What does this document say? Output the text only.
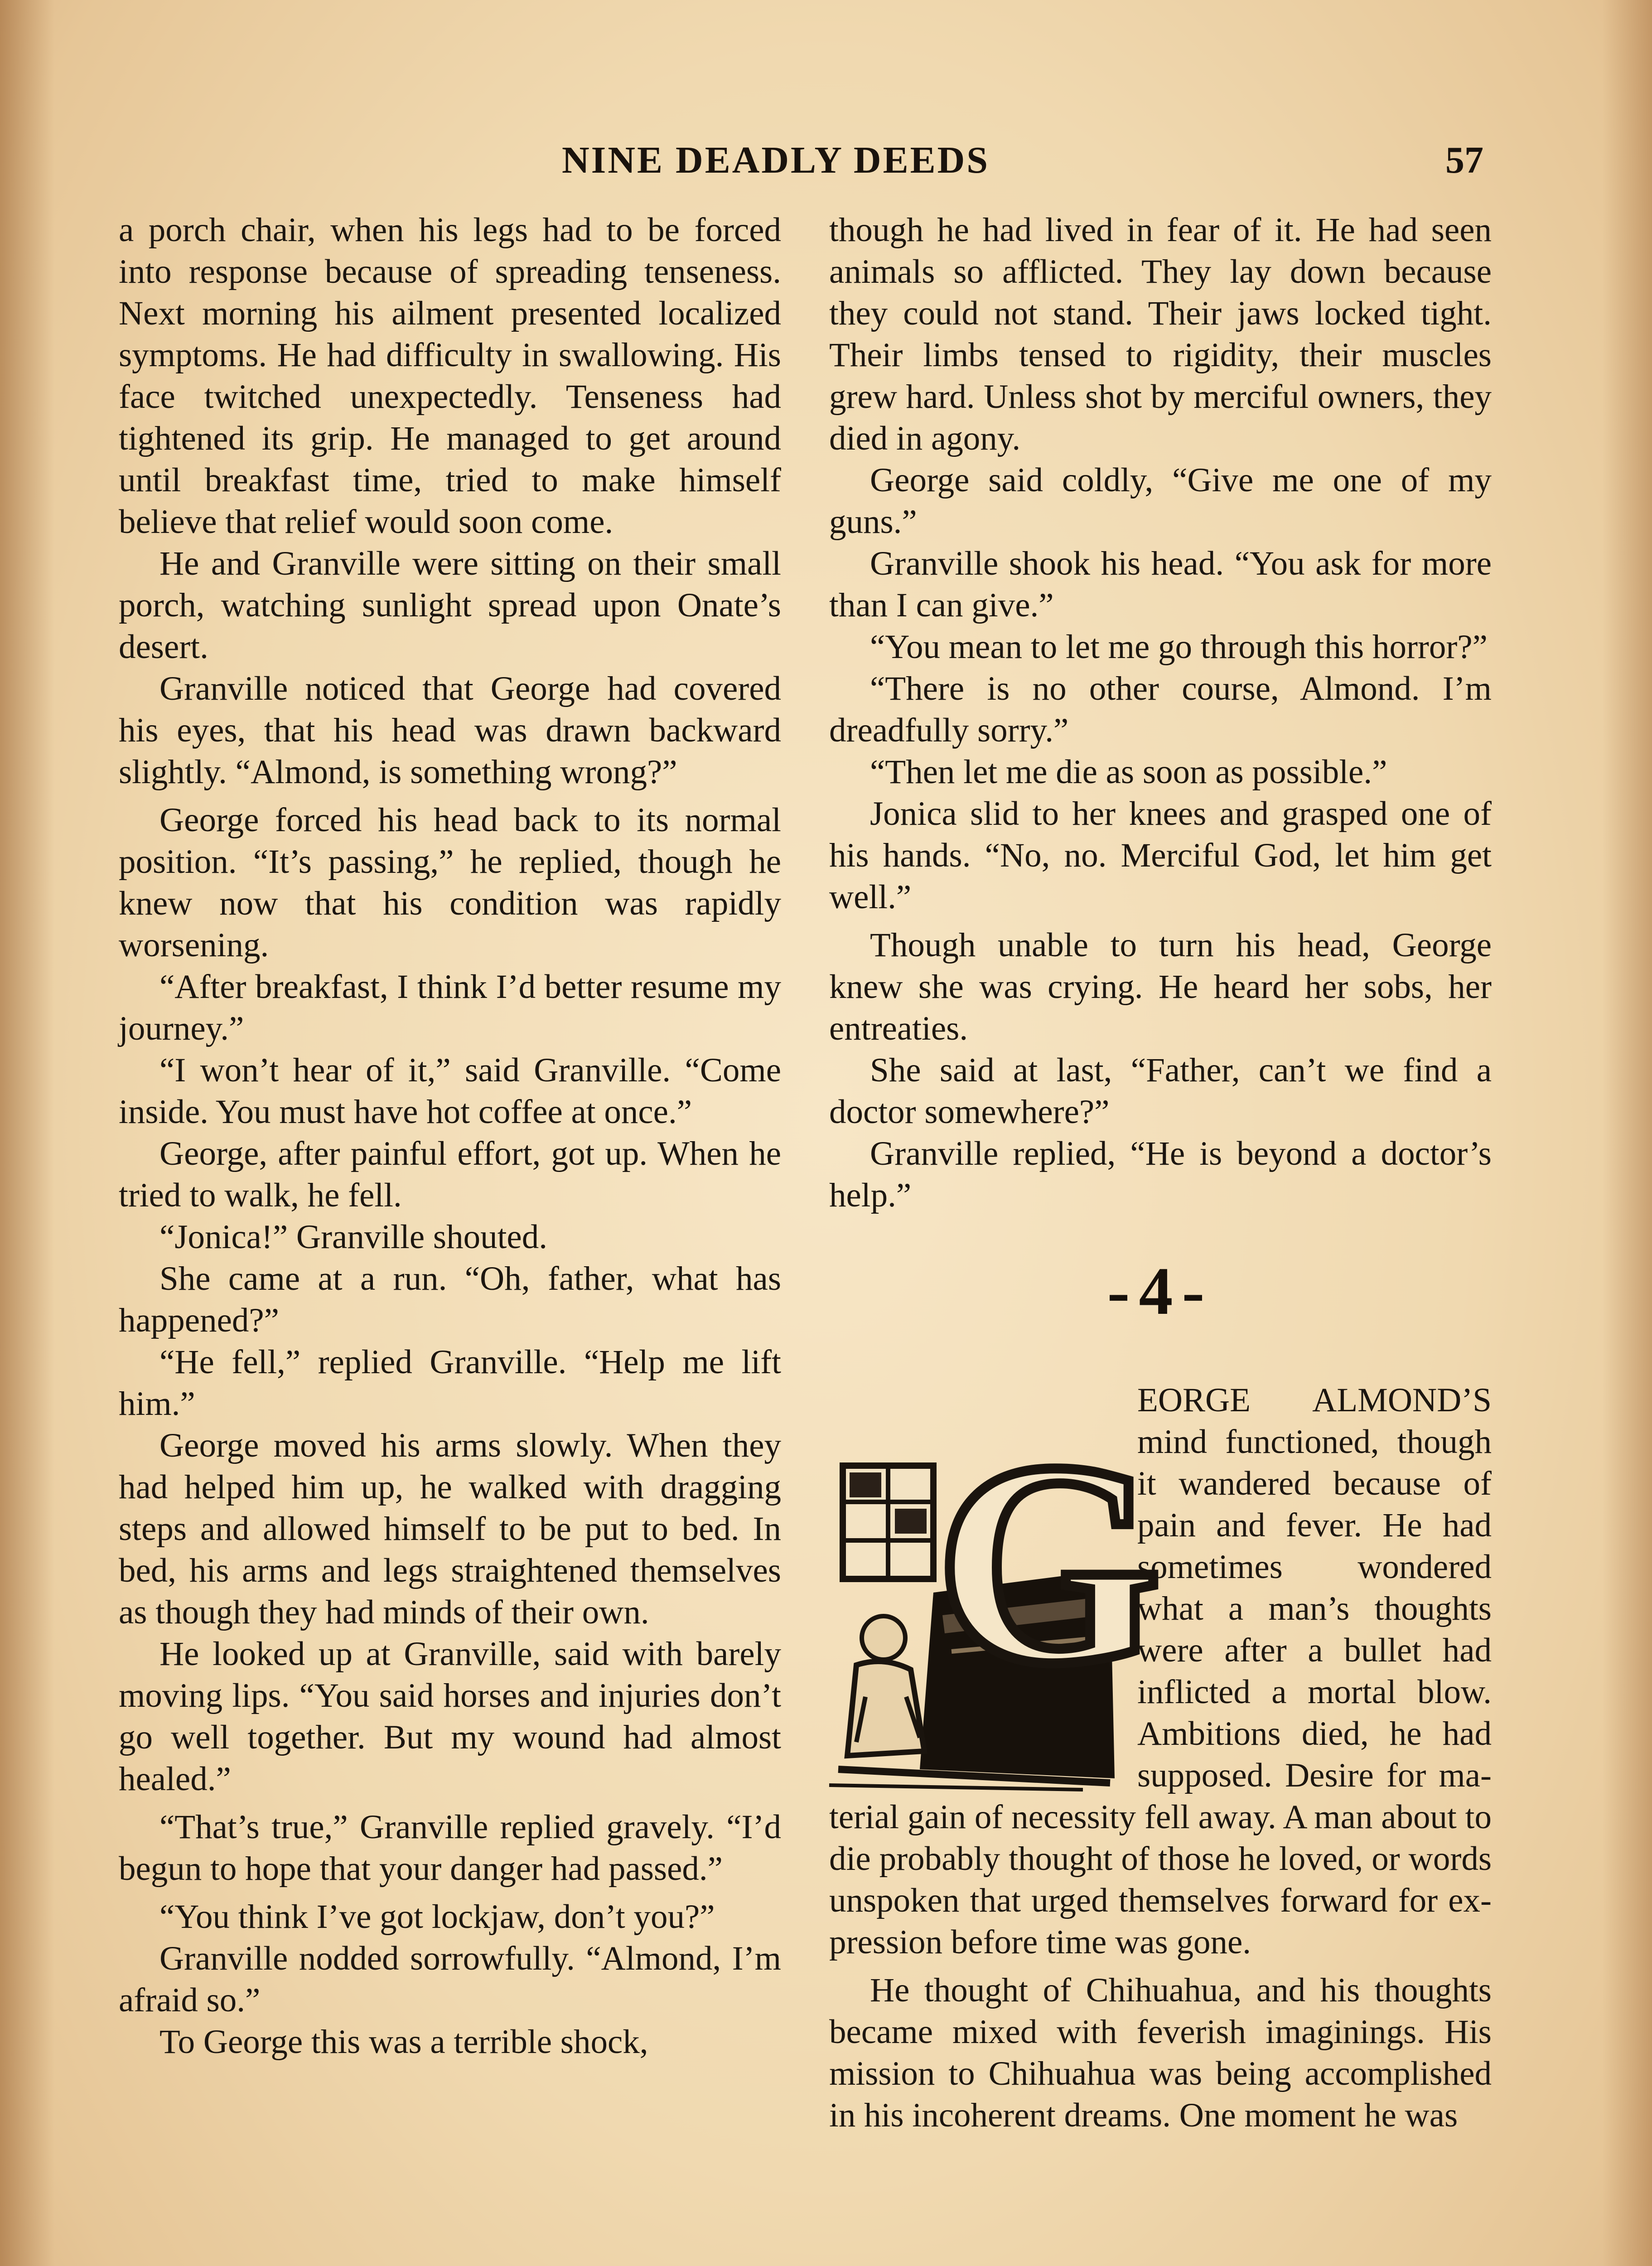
NINE DEADLY DEEDS	57

a porch chair, when his legs had to be forced into response because of spreading tenseness. Next morning his ailment presented localized symptoms. He had difficulty in swallowing. His face twitched unexpectedly. Tenseness had tightened its grip. He managed to get around until breakfast time, tried to make himself believe that relief would soon come.

He and Granville were sitting on their small porch, watching sunlight spread upon Onate’s desert.

Granville noticed that George had covered his eyes, that his head was drawn backward slightly. “Almond, is something wrong?”

George forced his head back to its normal position. “It’s passing,” he replied, though he knew now that his condition was rapidly worsening.

“After breakfast, I think I’d better resume my journey.”

“I won’t hear of it,” said Granville. “Come inside. You must have hot coffee at once.”

George, after painful effort, got up. When he tried to walk, he fell.

“Jonica!” Granville shouted.

She came at a run. “Oh, father, what has happened?”

“He fell,” replied Granville. “Help me lift him.”

George moved his arms slowly. When they had helped him up, he walked with dragging steps and allowed himself to be put to bed. In bed, his arms and legs straightened themselves as though they had minds of their own.

He looked up at Granville, said with barely moving lips. “You said horses and injuries don’t go well together. But my wound had almost healed.”

“That’s true,” Granville replied gravely. “I’d begun to hope that your danger had passed.”

“You think I’ve got lockjaw, don’t you?”

Granville nodded sorrowfully. “Almond, I’m afraid so.”

To George this was a terrible shock,

though he had lived in fear of it. He had seen animals so afflicted. They lay down because they could not stand. Their jaws locked tight. Their limbs tensed to rigidity, their muscles grew hard. Unless shot by merciful owners, they died in agony.

George said coldly, “Give me one of my guns.”

Granville shook his head. “You ask for more than I can give.”

“You mean to let me go through this horror?”

“There is no other course, Almond. I’m dreadfully sorry.”

“Then let me die as soon as possible.”

Jonica slid to her knees and grasped one of his hands. “No, no. Merciful God, let him get well.”

Though unable to turn his head, George knew she was crying. He heard her sobs, her entreaties.

She said at last, “Father, can’t we find a doctor somewhere?”

Granville replied, “He is beyond a doctor’s help.”

-4-
G

EORGE ALMOND’S mind functioned, though it wandered because of pain and fever. He had sometimes wondered what a man’s thoughts were after a bullet had inflicted a mortal blow. Ambitions died, he had supposed. Desire for material gain of necessity fell away. A man about to die probably thought of those he loved, or words unspoken that urged themselves forward for expression before time was gone.

He thought of Chihuahua, and his thoughts became mixed with feverish imaginings. His mission to Chihuahua was being accomplished in his incoherent dreams. One moment he was
